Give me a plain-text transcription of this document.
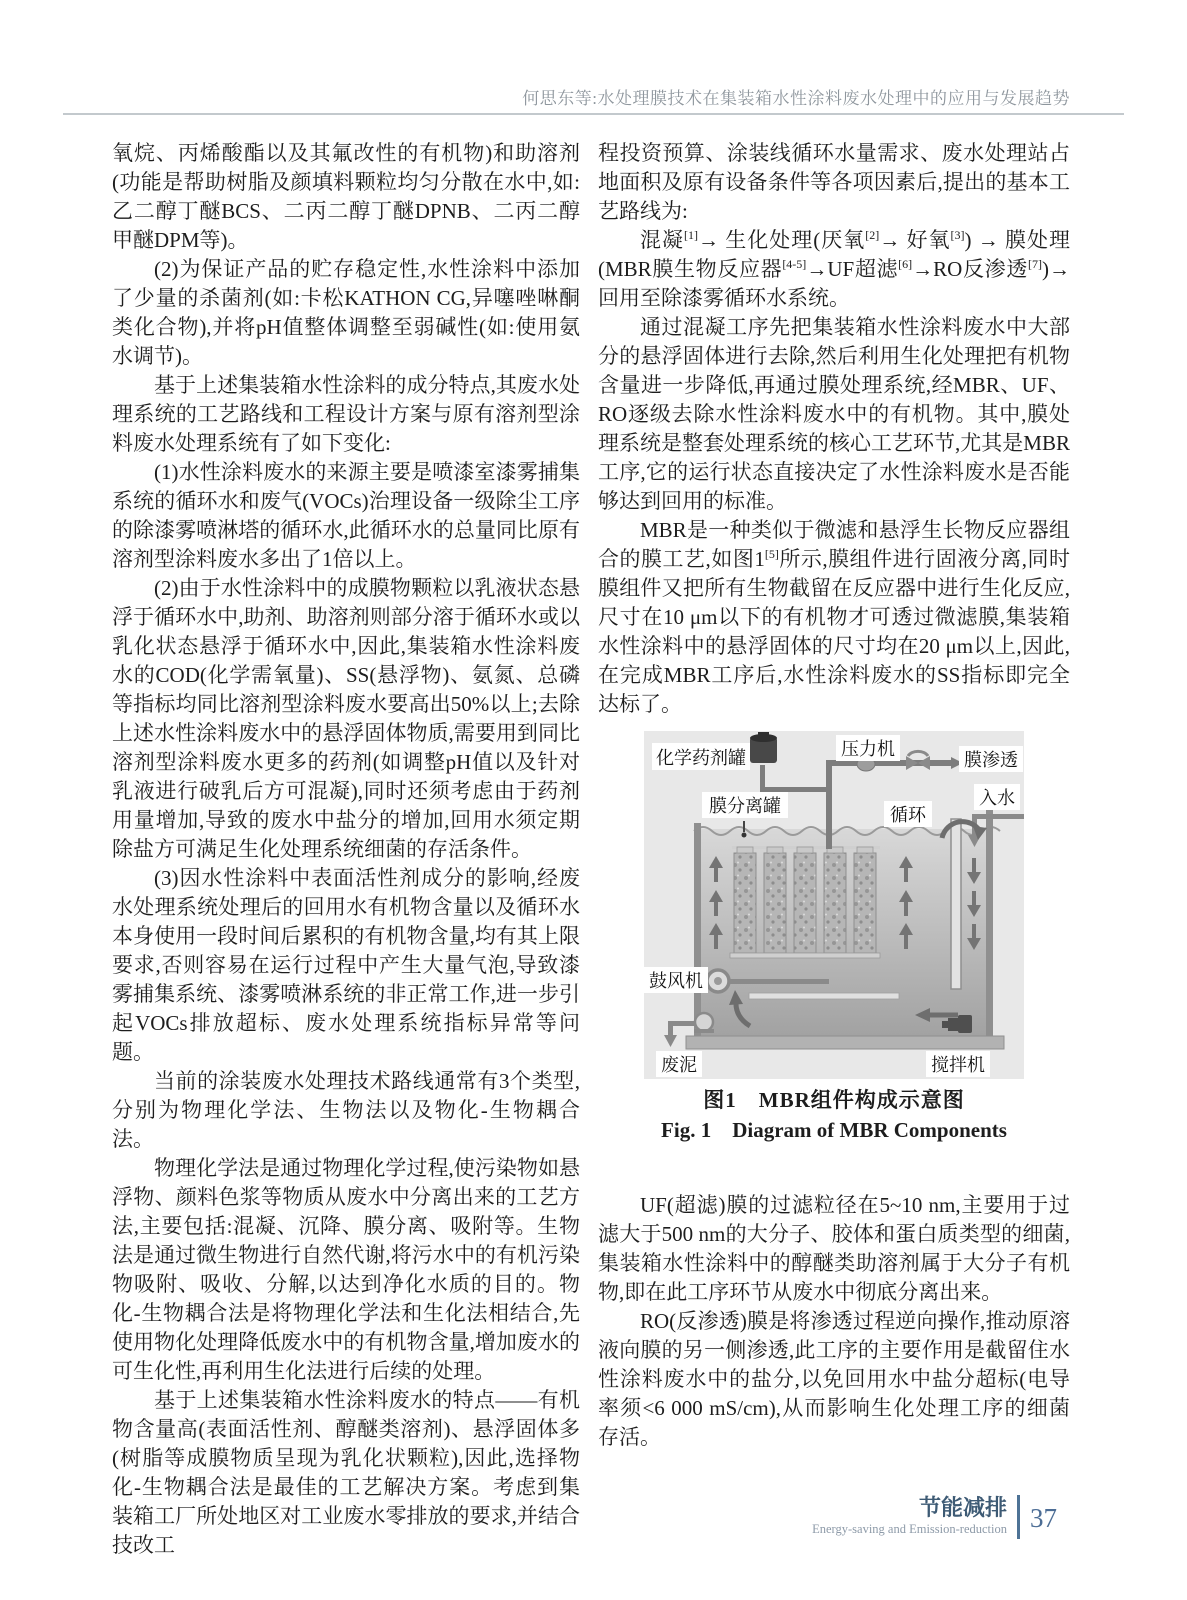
何思东等:水处理膜技术在集装箱水性涂料废水处理中的应用与发展趋势

氧烷、丙烯酸酯以及其氟改性的有机物)和助溶剂(功能是帮助树脂及颜填料颗粒均匀分散在水中,如:乙二醇丁醚BCS、二丙二醇丁醚DPNB、二丙二醇甲醚DPM等)。

(2)为保证产品的贮存稳定性,水性涂料中添加了少量的杀菌剂(如:卡松KATHON CG,异噻唑啉酮类化合物),并将pH值整体调整至弱碱性(如:使用氨水调节)。

基于上述集装箱水性涂料的成分特点,其废水处理系统的工艺路线和工程设计方案与原有溶剂型涂料废水处理系统有了如下变化:

(1)水性涂料废水的来源主要是喷漆室漆雾捕集系统的循环水和废气(VOCs)治理设备一级除尘工序的除漆雾喷淋塔的循环水,此循环水的总量同比原有溶剂型涂料废水多出了1倍以上。

(2)由于水性涂料中的成膜物颗粒以乳液状态悬浮于循环水中,助剂、助溶剂则部分溶于循环水或以乳化状态悬浮于循环水中,因此,集装箱水性涂料废水的COD(化学需氧量)、SS(悬浮物)、氨氮、总磷等指标均同比溶剂型涂料废水要高出50%以上;去除上述水性涂料废水中的悬浮固体物质,需要用到同比溶剂型涂料废水更多的药剂(如调整pH值以及针对乳液进行破乳后方可混凝),同时还须考虑由于药剂用量增加,导致的废水中盐分的增加,回用水须定期除盐方可满足生化处理系统细菌的存活条件。

(3)因水性涂料中表面活性剂成分的影响,经废水处理系统处理后的回用水有机物含量以及循环水本身使用一段时间后累积的有机物含量,均有其上限要求,否则容易在运行过程中产生大量气泡,导致漆雾捕集系统、漆雾喷淋系统的非正常工作,进一步引起VOCs排放超标、废水处理系统指标异常等问题。

当前的涂装废水处理技术路线通常有3个类型,分别为物理化学法、生物法以及物化-生物耦合法。

物理化学法是通过物理化学过程,使污染物如悬浮物、颜料色浆等物质从废水中分离出来的工艺方法,主要包括:混凝、沉降、膜分离、吸附等。生物法是通过微生物进行自然代谢,将污水中的有机污染物吸附、吸收、分解,以达到净化水质的目的。物化-生物耦合法是将物理化学法和生化法相结合,先使用物化处理降低废水中的有机物含量,增加废水的可生化性,再利用生化法进行后续的处理。

基于上述集装箱水性涂料废水的特点——有机物含量高(表面活性剂、醇醚类溶剂)、悬浮固体多(树脂等成膜物质呈现为乳化状颗粒),因此,选择物化-生物耦合法是最佳的工艺解决方案。考虑到集装箱工厂所处地区对工业废水零排放的要求,并结合技改工

程投资预算、涂装线循环水量需求、废水处理站占地面积及原有设备条件等各项因素后,提出的基本工艺路线为:

混凝[1]→ 生化处理(厌氧[2]→ 好氧[3]) → 膜处理(MBR膜生物反应器[4-5]→UF超滤[6]→RO反渗透[7])→回用至除漆雾循环水系统。

通过混凝工序先把集装箱水性涂料废水中大部分的悬浮固体进行去除,然后利用生化处理把有机物含量进一步降低,再通过膜处理系统,经MBR、UF、RO逐级去除水性涂料废水中的有机物。其中,膜处理系统是整套处理系统的核心工艺环节,尤其是MBR工序,它的运行状态直接决定了水性涂料废水是否能够达到回用的标准。

MBR是一种类似于微滤和悬浮生长物反应器组合的膜工艺,如图1[5]所示,膜组件进行固液分离,同时膜组件又把所有生物截留在反应器中进行生化反应,尺寸在10 μm以下的有机物才可透过微滤膜,集装箱水性涂料中的悬浮固体的尺寸均在20 μm以上,因此,在完成MBR工序后,水性涂料废水的SS指标即完全达标了。

化学药剂罐	压力机
膜渗透
入水
膜分离罐	循环
鼓风机
废泥	搅拌机
图1　MBR组件构成示意图
Fig. 1　Diagram of MBR Components

UF(超滤)膜的过滤粒径在5~10 nm,主要用于过滤大于500 nm的大分子、胶体和蛋白质类型的细菌,集装箱水性涂料中的醇醚类助溶剂属于大分子有机物,即在此工序环节从废水中彻底分离出来。

RO(反渗透)膜是将渗透过程逆向操作,推动原溶液向膜的另一侧渗透,此工序的主要作用是截留住水性涂料废水中的盐分,以免回用水中盐分超标(电导率须<6 000 mS/cm),从而影响生化处理工序的细菌存活。

节能减排
Energy-saving and Emission-reduction 37
